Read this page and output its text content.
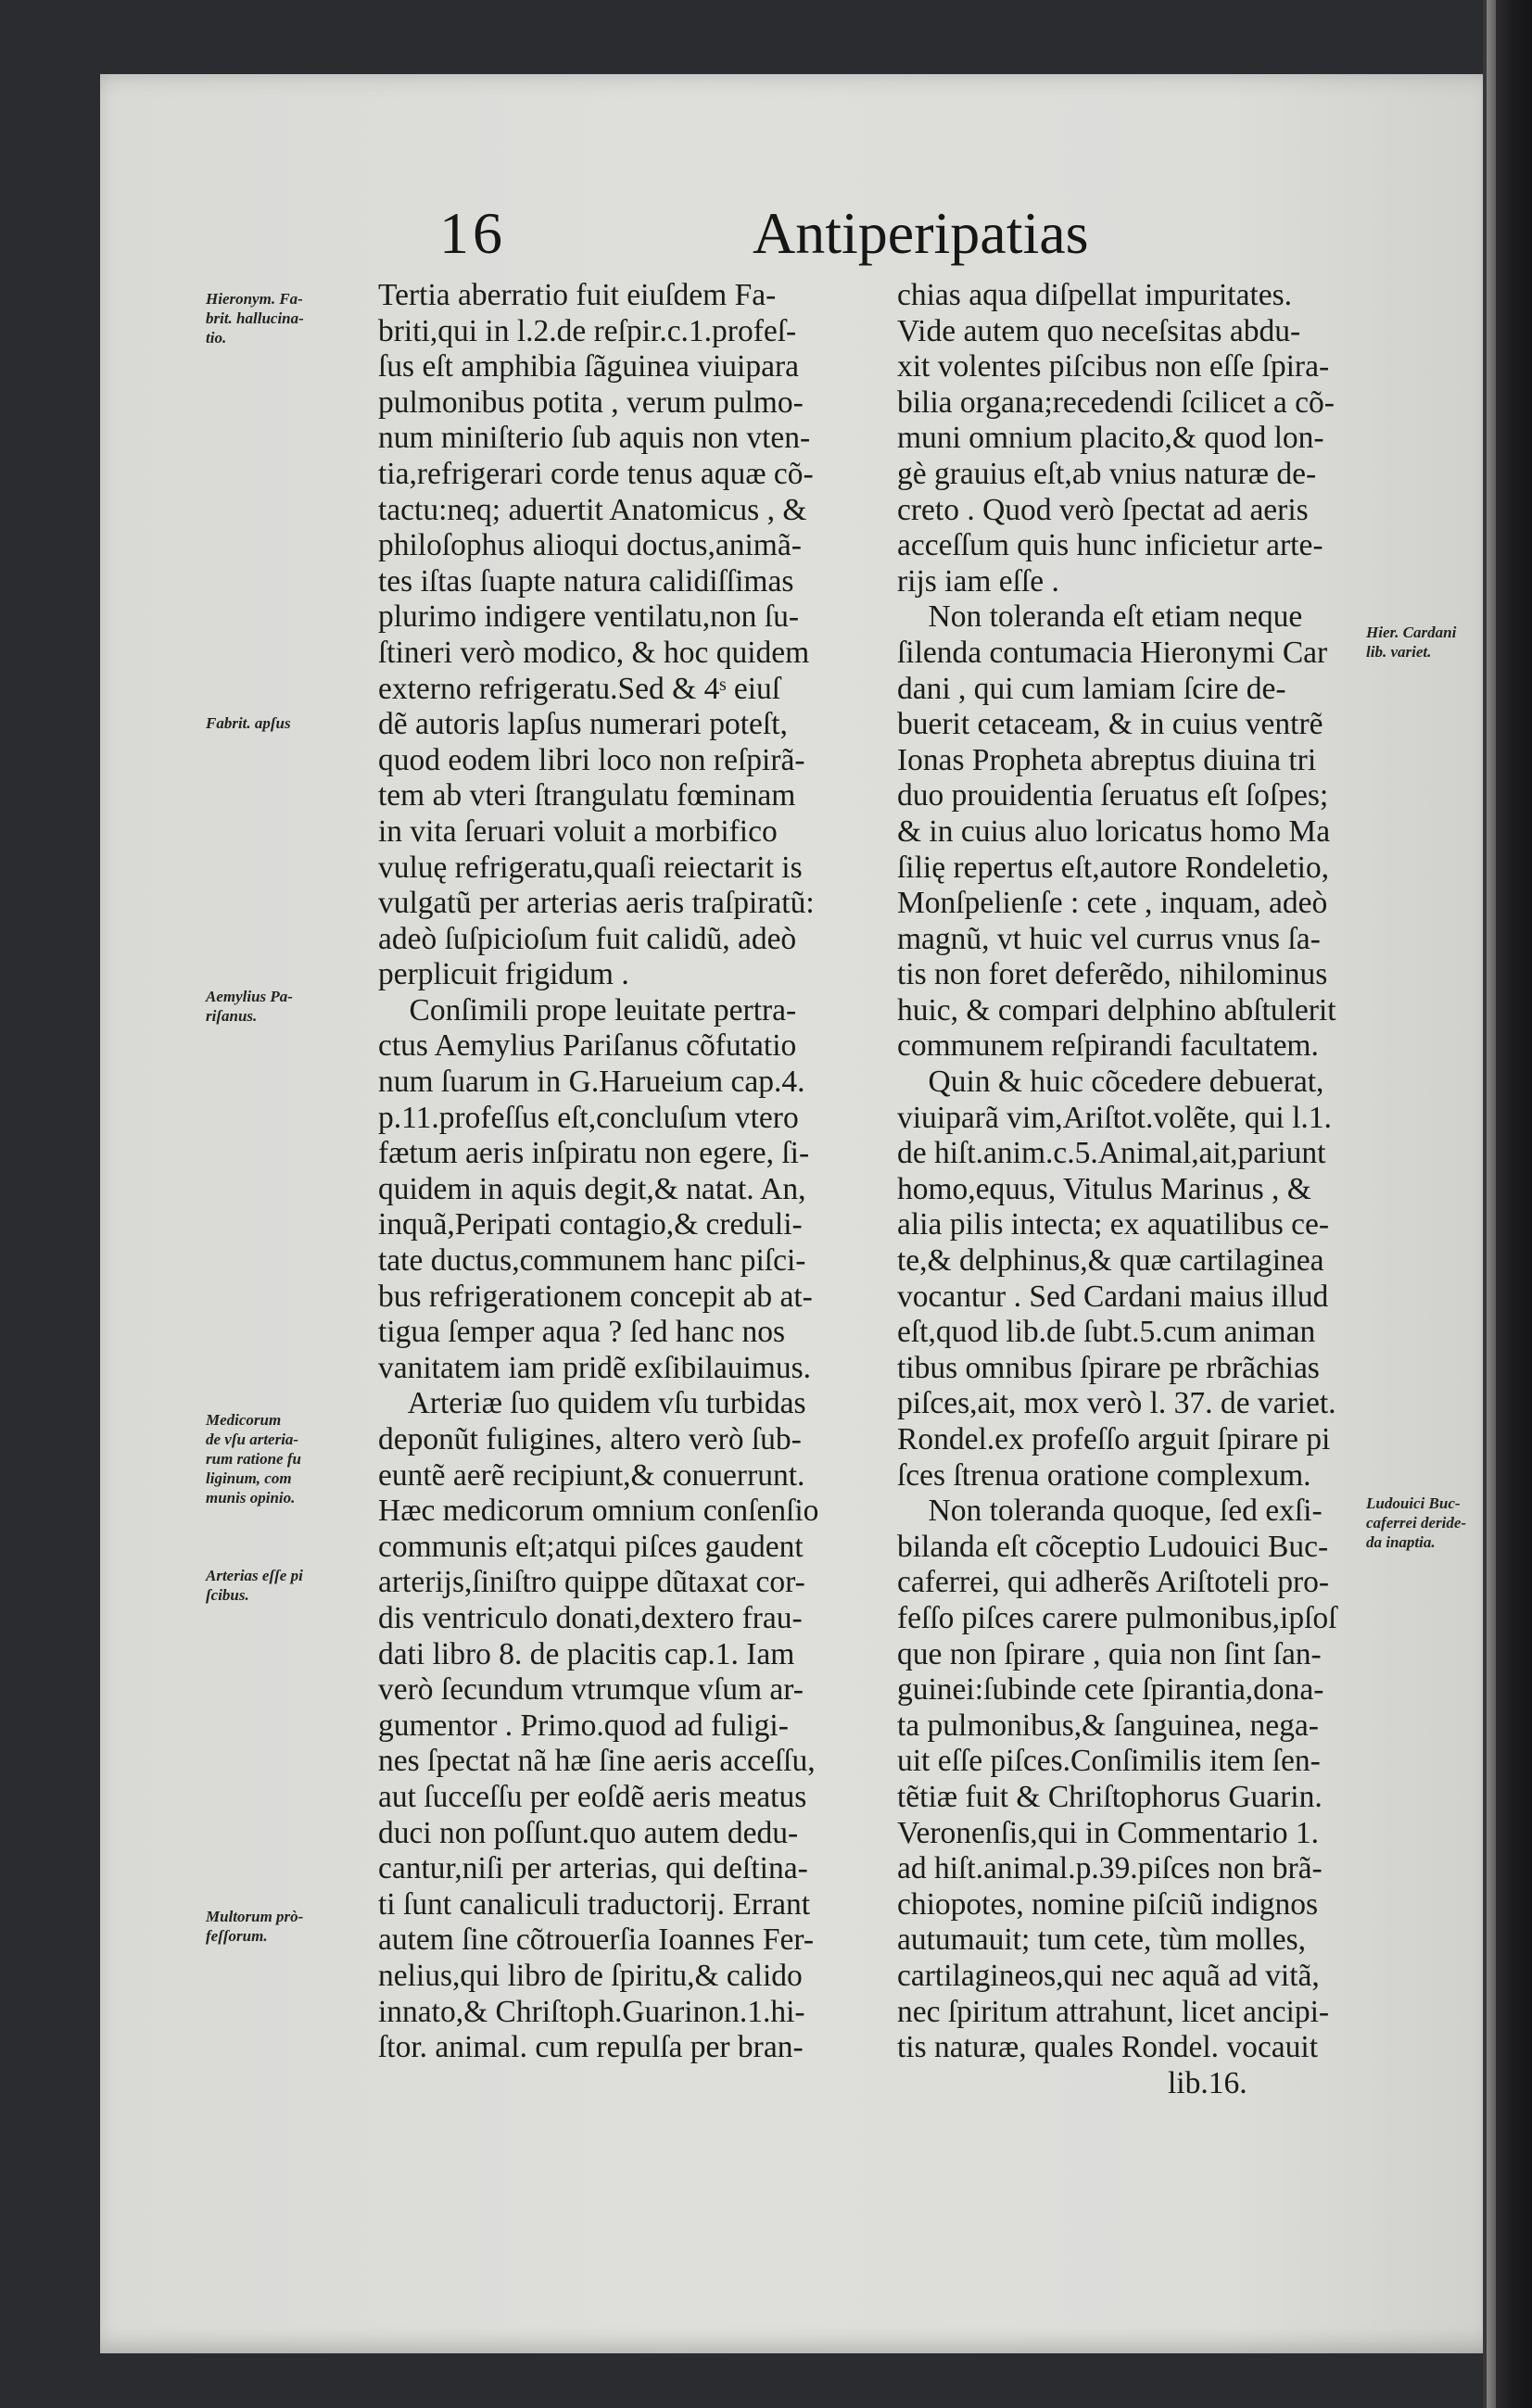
16	Antiperipatias
Tertia aberratio fuit eiuſdem Fa-
briti,qui in l.2.de reſpir.c.1.profeſ-
ſus eſt amphibia ſãguinea viuipara
pulmonibus potita , verum pulmo-
num miniſterio ſub aquis non vten-
tia,refrigerari corde tenus aquæ cõ-
tactu:neq; aduertit Anatomicus , &
philoſophus alioqui doctus,animã-
tes iſtas ſuapte natura calidiſſimas
plurimo indigere ventilatu,non ſu-
ſtineri verò modico, & hoc quidem
externo refrigeratu.Sed & 4ˢ eiuſ
dẽ autoris lapſus numerari poteſt,
quod eodem libri loco non reſpirã-
tem ab vteri ſtrangulatu fœminam
in vita ſeruari voluit a morbifico
vuluę refrigeratu,quaſi reiectarit is
vulgatũ per arterias aeris traſpiratũ:
adeò ſuſpicioſum fuit calidũ, adeò
perplicuit frigidum .
Conſimili prope leuitate pertra-
ctus Aemylius Pariſanus cõfutatio
num ſuarum in G.Harueium cap.4.
p.11.profeſſus eſt,concluſum vtero
fætum aeris inſpiratu non egere, ſi-
quidem in aquis degit,& natat. An,
inquã,Peripati contagio,& creduli-
tate ductus,communem hanc piſci-
bus refrigerationem concepit ab at-
tigua ſemper aqua ? ſed hanc nos
vanitatem iam pridẽ exſibilauimus.
Arteriæ ſuo quidem vſu turbidas
deponũt fuligines, altero verò ſub-
euntẽ aerẽ recipiunt,& conuerrunt.
Hæc medicorum omnium conſenſio
communis eſt;atqui piſces gaudent
arterijs,ſiniſtro quippe dũtaxat cor-
dis ventriculo donati,dextero frau-
dati libro 8. de placitis cap.1. Iam
verò ſecundum vtrumque vſum ar-
gumentor . Primo.quod ad fuligi-
nes ſpectat nã hæ ſine aeris acceſſu,
aut ſucceſſu per eoſdẽ aeris meatus
duci non poſſunt.quo autem dedu-
cantur,niſi per arterias, qui deſtina-
ti ſunt canaliculi traductorij. Errant
autem ſine cõtrouerſia Ioannes Fer-
nelius,qui libro de ſpiritu,& calido
innato,& Chriſtoph.Guarinon.1.hi-
ſtor. animal. cum repulſa per bran-
chias aqua diſpellat impuritates.
Vide autem quo neceſsitas abdu-
xit volentes piſcibus non eſſe ſpira-
bilia organa;recedendi ſcilicet a cõ-
muni omnium placito,& quod lon-
gè grauius eſt,ab vnius naturæ de-
creto . Quod verò ſpectat ad aeris
acceſſum quis hunc inficietur arte-
rijs iam eſſe .
Non toleranda eſt etiam neque
ſilenda contumacia Hieronymi Car
dani , qui cum lamiam ſcire de-
buerit cetaceam, & in cuius ventrẽ
Ionas Propheta abreptus diuina tri
duo prouidentia ſeruatus eſt ſoſpes;
& in cuius aluo loricatus homo Ma
ſilię repertus eſt,autore Rondeletio,
Monſpelienſe : cete , inquam, adeò
magnũ, vt huic vel currus vnus ſa-
tis non foret deferẽdo, nihilominus
huic, & compari delphino abſtulerit
communem reſpirandi facultatem.
Quin & huic cõcedere debuerat,
viuiparã vim,Ariſtot.volẽte, qui l.1.
de hiſt.anim.c.5.Animal,ait,pariunt
homo,equus, Vitulus Marinus , &
alia pilis intecta; ex aquatilibus ce-
te,& delphinus,& quæ cartilaginea
vocantur . Sed Cardani maius illud
eſt,quod lib.de ſubt.5.cum animan
tibus omnibus ſpirare pe rbrãchias
piſces,ait, mox verò l. 37. de variet.
Rondel.ex profeſſo arguit ſpirare pi
ſces ſtrenua oratione complexum.
Non toleranda quoque, ſed exſi-
bilanda eſt cõceptio Ludouici Buc-
caferrei, qui adherẽs Ariſtoteli pro-
feſſo piſces carere pulmonibus,ipſoſ
que non ſpirare , quia non ſint ſan-
guinei:ſubinde cete ſpirantia,dona-
ta pulmonibus,& ſanguinea, nega-
uit eſſe piſces.Conſimilis item ſen-
tẽtiæ fuit & Chriſtophorus Guarin.
Veronenſis,qui in Commentario 1.
ad hiſt.animal.p.39.piſces non brã-
chiopotes, nomine piſciũ indignos
autumauit; tum cete, tùm molles,
cartilagineos,qui nec aquã ad vitã,
nec ſpiritum attrahunt, licet ancipi-
tis naturæ, quales Rondel. vocauit
lib.16.
Hieronym. Fa-
brit. hallucina-
tio.
Fabrit. apſus
Aemylius Pa-
riſanus.
Medicorum
de vſu arteria-
rum ratione fu
liginum, com
munis opinio.
Arterias eſſe pi
ſcibus.
Multorum prò-
feſſorum.
Hier. Cardani
lib. variet.
Ludouici Buc-
caferrei deride-
da inaptia.
